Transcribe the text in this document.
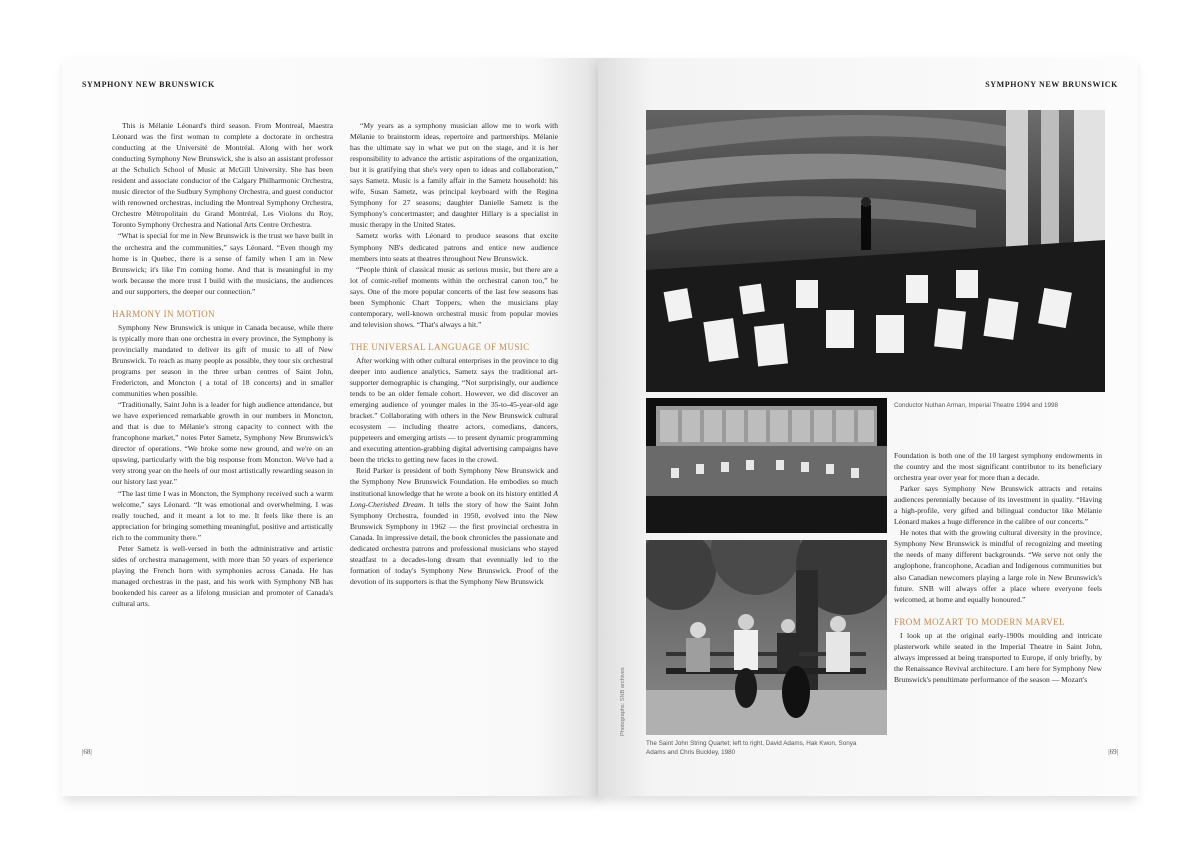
SYMPHONY NEW BRUNSWICK

This is Mélanie Léonard's third season. From Montreal, Maestra Léonard was the first woman to complete a doctorate in orchestra conducting at the Université de Montréal. Along with her work conducting Symphony New Brunswick, she is also an assistant professor at the Schulich School of Music at McGill University. She has been resident and associate conductor of the Calgary Philharmonic Orchestra, music director of the Sudbury Symphony Orchestra, and guest conductor with renowned orchestras, including the Montreal Symphony Orchestra, Orchestre Métropolitain du Grand Montréal, Les Violons du Roy, Toronto Symphony Orchestra and National Arts Centre Orchestra.

“What is special for me in New Brunswick is the trust we have built in the orchestra and the communities,” says Léonard. “Even though my home is in Quebec, there is a sense of family when I am in New Brunswick; it's like I'm coming home. And that is meaningful in my work because the more trust I build with the musicians, the audiences and our supporters, the deeper our connection.”

HARMONY IN MOTION

Symphony New Brunswick is unique in Canada because, while there is typically more than one orchestra in every province, the Symphony is provincially mandated to deliver its gift of music to all of New Brunswick. To reach as many people as possible, they tour six orchestral programs per season in the three urban centres of Saint John, Fredericton, and Moncton ( a total of 18 concerts) and in smaller communities when possible.

“Traditionally, Saint John is a leader for high audience attendance, but we have experienced remarkable growth in our numbers in Moncton, and that is due to Mélanie's strong capacity to connect with the francophone market,” notes Peter Sametz, Symphony New Brunswick's director of operations. “We broke some new ground, and we're on an upswing, particularly with the big response from Moncton. We've had a very strong year on the heels of our most artistically rewarding season in our history last year.”

“The last time I was in Moncton, the Symphony received such a warm welcome,” says Léonard. “It was emotional and overwhelming. I was really touched, and it meant a lot to me. It feels like there is an appreciation for bringing something meaningful, positive and artistically rich to the community there.”

Peter Sametz is well-versed in both the administrative and artistic sides of orchestra management, with more than 50 years of experience playing the French horn with symphonies across Canada. He has managed orchestras in the past, and his work with Symphony NB has bookended his career as a lifelong musician and promoter of Canada's cultural arts.

“My years as a symphony musician allow me to work with Mélanie to brainstorm ideas, repertoire and partnerships. Mélanie has the ultimate say in what we put on the stage, and it is her responsibility to advance the artistic aspirations of the organization, but it is gratifying that she's very open to ideas and collaboration,” says Sametz. Music is a family affair in the Sametz household: his wife, Susan Sametz, was principal keyboard with the Regina Symphony for 27 seasons; daughter Danielle Sametz is the Symphony's concertmaster; and daughter Hillary is a specialist in music therapy in the United States.

Sametz works with Léonard to produce seasons that excite Symphony NB's dedicated patrons and entice new audience members into seats at theatres throughout New Brunswick.

“People think of classical music as serious music, but there are a lot of comic-relief moments within the orchestral canon too,” he says. One of the more popular concerts of the last few seasons has been Symphonic Chart Toppers, when the musicians play contemporary, well-known orchestral music from popular movies and television shows. “That's always a hit.”

THE UNIVERSAL LANGUAGE OF MUSIC

After working with other cultural enterprises in the province to dig deeper into audience analytics, Sametz says the traditional art-supporter demographic is changing. “Not surprisingly, our audience tends to be an older female cohort. However, we did discover an emerging audience of younger males in the 35-to-45-year-old age bracket.” Collaborating with others in the New Brunswick cultural ecosystem — including theatre actors, comedians, dancers, puppeteers and emerging artists — to present dynamic programming and executing attention-grabbing digital advertising campaigns have been the tricks to getting new faces in the crowd.

Reid Parker is president of both Symphony New Brunswick and the Symphony New Brunswick Foundation. He embodies so much institutional knowledge that he wrote a book on its history entitled A Long-Cherished Dream. It tells the story of how the Saint John Symphony Orchestra, founded in 1950, evolved into the New Brunswick Symphony in 1962 — the first provincial orchestra in Canada. In impressive detail, the book chronicles the passionate and dedicated orchestra patrons and professional musicians who stayed steadfast to a decades-long dream that eventually led to the formation of today's Symphony New Brunswick. Proof of the devotion of its supporters is that the Symphony New Brunswick

|68|
SYMPHONY NEW BRUNSWICK
Conductor Nuthan Arman, Imperial Theatre 1994 and 1998
The Saint John String Quartet; left to right, David Adams, Hak Kwon, Sonya Adams and Chris Buckley, 1980
Photographs: SNB archives

Foundation is both one of the 10 largest symphony endowments in the country and the most significant contributor to its beneficiary orchestra year over year for more than a decade.

Parker says Symphony New Brunswick attracts and retains audiences perennially because of its investment in quality. “Having a high-profile, very gifted and bilingual conductor like Mélanie Léonard makes a huge difference in the calibre of our concerts.”

He notes that with the growing cultural diversity in the province, Symphony New Brunswick is mindful of recognizing and meeting the needs of many different backgrounds. “We serve not only the anglophone, francophone, Acadian and Indigenous communities but also Canadian newcomers playing a large role in New Brunswick's future. SNB will always offer a place where everyone feels welcomed, at home and equally honoured.”

FROM MOZART TO MODERN MARVEL

I look up at the original early-1900s moulding and intricate plasterwork while seated in the Imperial Theatre in Saint John, always impressed at being transported to Europe, if only briefly, by the Renaissance Revival architecture. I am here for Symphony New Brunswick's penultimate performance of the season — Mozart's

|69|
